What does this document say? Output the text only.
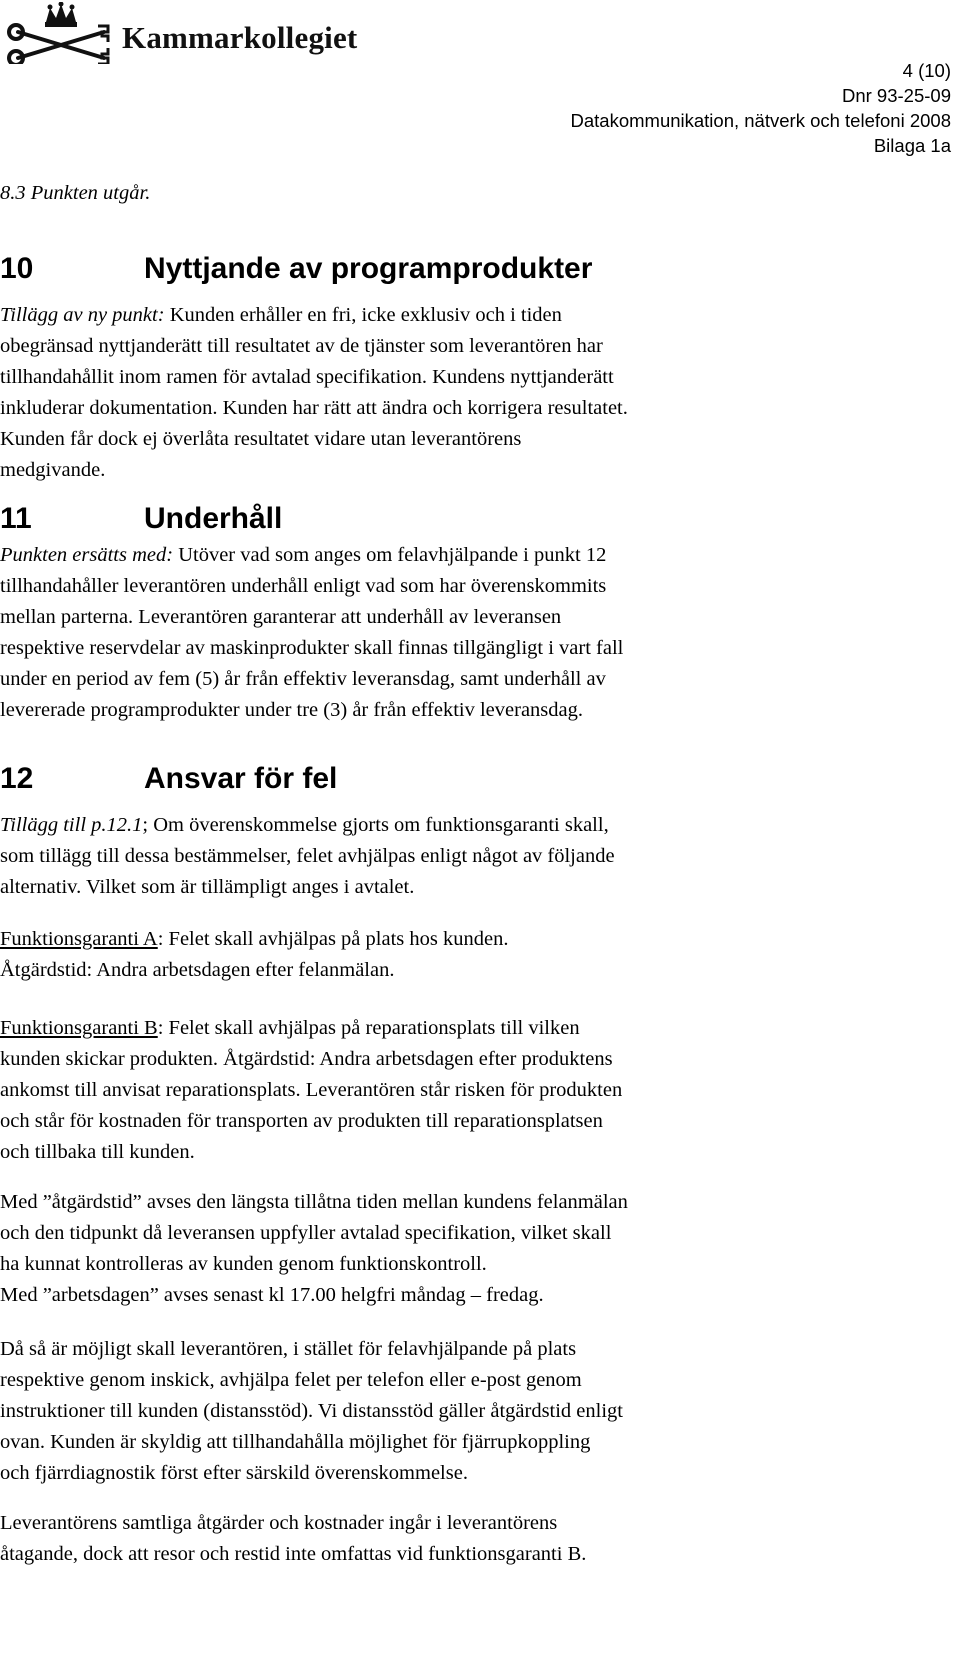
Kammarkollegiet
4 (10)
Dnr 93-25-09
Datakommunikation, nätverk och telefoni 2008
Bilaga 1a
8.3 Punkten utgår.
10	Nyttjande av programprodukter
Tillägg av ny punkt: Kunden erhåller en fri, icke exklusiv och i tiden
obegränsad nyttjanderätt till resultatet av de tjänster som leverantören har
tillhandahållit inom ramen för avtalad specifikation. Kundens nyttjanderätt
inkluderar dokumentation. Kunden har rätt att ändra och korrigera resultatet.
Kunden får dock ej överlåta resultatet vidare utan leverantörens
medgivande.
11	Underhåll
Punkten ersätts med: Utöver vad som anges om felavhjälpande i punkt 12
tillhandahåller leverantören underhåll enligt vad som har överenskommits
mellan parterna. Leverantören garanterar att underhåll av leveransen
respektive reservdelar av maskinprodukter skall finnas tillgängligt i vart fall
under en period av fem (5) år från effektiv leveransdag, samt underhåll av
levererade programprodukter under tre (3) år från effektiv leveransdag.
12	Ansvar för fel
Tillägg till p.12.1; Om överenskommelse gjorts om funktionsgaranti skall,
som tillägg till dessa bestämmelser, felet avhjälpas enligt något av följande
alternativ. Vilket som är tillämpligt anges i avtalet.
Funktionsgaranti A: Felet skall avhjälpas på plats hos kunden.
Åtgärdstid: Andra arbetsdagen efter felanmälan.
Funktionsgaranti B: Felet skall avhjälpas på reparationsplats till vilken
kunden skickar produkten. Åtgärdstid: Andra arbetsdagen efter produktens
ankomst till anvisat reparationsplats. Leverantören står risken för produkten
och står för kostnaden för transporten av produkten till reparationsplatsen
och tillbaka till kunden.
Med ”åtgärdstid” avses den längsta tillåtna tiden mellan kundens felanmälan
och den tidpunkt då leveransen uppfyller avtalad specifikation, vilket skall
ha kunnat kontrolleras av kunden genom funktionskontroll.
Med ”arbetsdagen” avses senast kl 17.00 helgfri måndag – fredag.
Då så är möjligt skall leverantören, i stället för felavhjälpande på plats
respektive genom inskick, avhjälpa felet per telefon eller e-post genom
instruktioner till kunden (distansstöd). Vi distansstöd gäller åtgärdstid enligt
ovan. Kunden är skyldig att tillhandahålla möjlighet för fjärrupkoppling
och fjärrdiagnostik först efter särskild överenskommelse.
Leverantörens samtliga åtgärder och kostnader ingår i leverantörens
åtagande, dock att resor och restid inte omfattas vid funktionsgaranti B.
